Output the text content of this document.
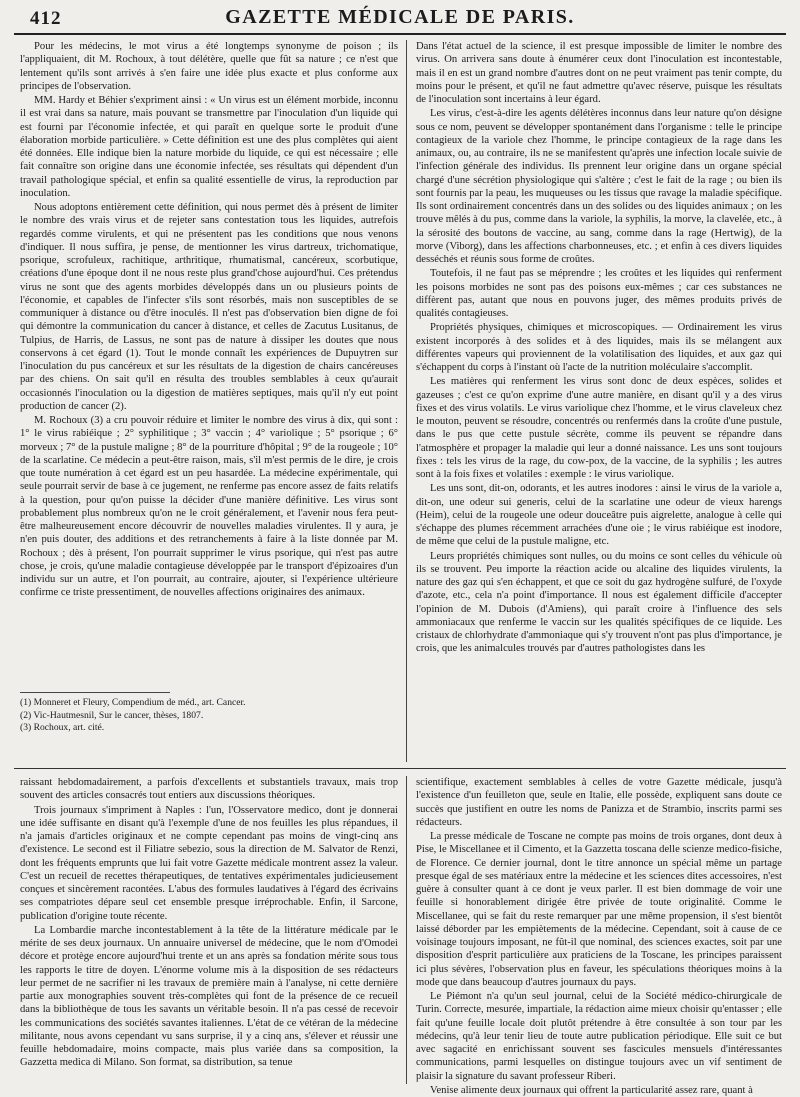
412	GAZETTE MÉDICALE DE PARIS.

Pour les médecins, le mot virus a été longtemps synonyme de poison ; ils l'appliquaient, dit M. Rochoux, à tout délétère, quelle que fût sa nature ; ce n'est que lentement qu'ils sont arrivés à s'en faire une idée plus exacte et plus conforme aux principes de l'observation.

MM. Hardy et Béhier s'expriment ainsi : « Un virus est un élément morbide, inconnu il est vrai dans sa nature, mais pouvant se transmettre par l'inoculation d'un liquide qui est fourni par l'économie infectée, et qui paraît en quelque sorte le produit d'une élaboration morbide particulière. » Cette définition est une des plus complètes qui aient été données. Elle indique bien la nature morbide du liquide, ce qui est nécessaire ; elle fait connaître son origine dans une économie infectée, ses résultats qui dépendent d'un travail pathologique spécial, et enfin sa qualité essentielle de virus, la reproduction par inoculation.

Nous adoptons entièrement cette définition, qui nous permet dès à présent de limiter le nombre des vrais virus et de rejeter sans contestation tous les liquides, autrefois regardés comme virulents, et qui ne présentent pas les conditions que nous venons d'indiquer. Il nous suffira, je pense, de mentionner les virus dartreux, trichomatique, psorique, scrofuleux, rachitique, arthritique, rhumatismal, cancéreux, scorbutique, créations d'une époque dont il ne nous reste plus grand'chose aujourd'hui. Ces prétendus virus ne sont que des agents morbides développés dans un ou plusieurs points de l'économie, et capables de l'infecter s'ils sont résorbés, mais non susceptibles de se communiquer à distance ou d'être inoculés. Il n'est pas d'observation bien digne de foi qui démontre la communication du cancer à distance, et celles de Zacutus Lusitanus, de Tulpius, de Harris, de Lassus, ne sont pas de nature à dissiper les doutes que nous conservons à cet égard (1). Tout le monde connaît les expériences de Dupuytren sur l'inoculation du pus cancéreux et sur les résultats de la digestion de chairs cancéreuses par des chiens. On sait qu'il en résulta des troubles semblables à ceux qu'aurait occasionnés l'inoculation ou la digestion de matières septiques, mais qu'il n'y eut point production de cancer (2).

M. Rochoux (3) a cru pouvoir réduire et limiter le nombre des virus à dix, qui sont : 1° le virus rabiéique ; 2° syphilitique ; 3° vaccin ; 4° variolique ; 5° psorique ; 6° morveux ; 7° de la pustule maligne ; 8° de la pourriture d'hôpital ; 9° de la rougeole ; 10° de la scarlatine. Ce médecin a peut-être raison, mais, s'il m'est permis de le dire, je crois que toute numération à cet égard est un peu hasardée. La médecine expérimentale, qui seule pourrait servir de base à ce jugement, ne renferme pas encore assez de faits relatifs à la question, pour qu'on puisse la décider d'une manière définitive. Les virus sont probablement plus nombreux qu'on ne le croit généralement, et l'avenir nous fera peut-être malheureusement encore découvrir de nouvelles maladies virulentes. Il y aura, je n'en puis douter, des additions et des retranchements à faire à la liste donnée par M. Rochoux ; dès à présent, l'on pourrait supprimer le virus psorique, qui n'est pas autre chose, je crois, qu'une maladie contagieuse développée par le transport d'épizoaires d'un individu sur un autre, et l'on pourrait, au contraire, ajouter, si l'expérience ultérieure confirme ce triste pressentiment, de nouvelles affections originaires des animaux.

(1) Monneret et Fleury, Compendium de méd., art. Cancer.
(2) Vic-Hautmesnil, Sur le cancer, thèses, 1807.
(3) Rochoux, art. cité.

Dans l'état actuel de la science, il est presque impossible de limiter le nombre des virus. On arrivera sans doute à énumérer ceux dont l'inoculation est incontestable, mais il en est un grand nombre d'autres dont on ne peut vraiment pas tenir compte, du moins pour le présent, et qu'il ne faut admettre qu'avec réserve, puisque les résultats de l'inoculation sont incertains à leur égard.

Les virus, c'est-à-dire les agents délétères inconnus dans leur nature qu'on désigne sous ce nom, peuvent se développer spontanément dans l'organisme : telle le principe contagieux de la variole chez l'homme, le principe contagieux de la rage dans les animaux, ou, au contraire, ils ne se manifestent qu'après une infection locale suivie de l'infection générale des individus. Ils prennent leur origine dans un organe spécial chargé d'une sécrétion physiologique qui s'altère ; c'est le fait de la rage ; ou bien ils sont fournis par la peau, les muqueuses ou les tissus que ravage la maladie spécifique. Ils sont ordinairement concentrés dans un des solides ou des liquides animaux ; on les trouve mêlés à du pus, comme dans la variole, la syphilis, la morve, la clavelée, etc., à la sérosité des boutons de vaccine, au sang, comme dans la rage (Hertwig), de la morve (Viborg), dans les affections charbonneuses, etc. ; et enfin à ces divers liquides desséchés et réunis sous forme de croûtes.

Toutefois, il ne faut pas se méprendre ; les croûtes et les liquides qui renferment les poisons morbides ne sont pas des poisons eux-mêmes ; car ces substances ne diffèrent pas, autant que nous en pouvons juger, des mêmes produits privés de qualités contagieuses.

Propriétés physiques, chimiques et microscopiques. — Ordinairement les virus existent incorporés à des solides et à des liquides, mais ils se mélangent aux différentes vapeurs qui proviennent de la volatilisation des liquides, et aux gaz qui s'échappent du corps à l'instant où l'acte de la nutrition moléculaire s'accomplit.

Les matières qui renferment les virus sont donc de deux espèces, solides et gazeuses ; c'est ce qu'on exprime d'une autre manière, en disant qu'il y a des virus fixes et des virus volatils. Le virus variolique chez l'homme, et le virus claveleux chez le mouton, peuvent se résoudre, concentrés ou renfermés dans la croûte d'une pustule, dans le pus que cette pustule sécrète, comme ils peuvent se répandre dans l'atmosphère et propager la maladie qui leur a donné naissance. Les uns sont toujours fixes : tels les virus de la rage, du cow-pox, de la vaccine, de la syphilis ; les autres sont à la fois fixes et volatiles : exemple : le virus variolique.

Les uns sont, dit-on, odorants, et les autres inodores : ainsi le virus de la variole a, dit-on, une odeur sui generis, celui de la scarlatine une odeur de vieux harengs (Heim), celui de la rougeole une odeur douceâtre puis aigrelette, analogue à celle qui s'échappe des plumes récemment arrachées d'une oie ; le virus rabiéique est inodore, de même que celui de la pustule maligne, etc.

Leurs propriétés chimiques sont nulles, ou du moins ce sont celles du véhicule où ils se trouvent. Peu importe la réaction acide ou alcaline des liquides virulents, la nature des gaz qui s'en échappent, et que ce soit du gaz hydrogène sulfuré, de l'oxyde d'azote, etc., cela n'a point d'importance. Il nous est également difficile d'accepter l'opinion de M. Dubois (d'Amiens), qui paraît croire à l'influence des sels ammoniacaux que renferme le vaccin sur les qualités spécifiques de ce liquide. Les cristaux de chlorhydrate d'ammoniaque qui s'y trouvent n'ont pas plus d'importance, je crois, que les animalcules trouvés par d'autres pathologistes dans les

raissant hebdomadairement, a parfois d'excellents et substantiels travaux, mais trop souvent des articles consacrés tout entiers aux discussions théoriques.

Trois journaux s'impriment à Naples : l'un, l'Osservatore medico, dont je donnerai une idée suffisante en disant qu'à l'exemple d'une de nos feuilles les plus répandues, il n'a jamais d'articles originaux et ne compte cependant pas moins de vingt-cinq ans d'existence. Le second est il Filiatre sebezio, sous la direction de M. Salvator de Renzi, dont les fréquents emprunts que lui fait votre Gazette médicale montrent assez la valeur. C'est un recueil de recettes thérapeutiques, de tentatives expérimentales judicieusement conçues et sincèrement racontées. L'abus des formules laudatives à l'égard des écrivains ses compatriotes dépare seul cet ensemble presque irréprochable. Enfin, il Sarcone, publication d'origine toute récente.

La Lombardie marche incontestablement à la tête de la littérature médicale par le mérite de ses deux journaux. Un annuaire universel de médecine, que le nom d'Omodei décore et protège encore aujourd'hui trente et un ans après sa fondation mérite sous tous les rapports le titre de doyen. L'énorme volume mis à la disposition de ses rédacteurs leur permet de ne sacrifier ni les travaux de première main à l'analyse, ni cette dernière partie aux monographies souvent très-complètes qui font de la présence de ce recueil dans la bibliothèque de tous les savants un véritable besoin. Il n'a pas cessé de recevoir les communications des sociétés savantes italiennes. L'état de ce vétéran de la médecine militante, nous avons cependant vu sans surprise, il y a cinq ans, s'élever et réussir une feuille hebdomadaire, moins compacte, mais plus variée dans sa composition, la Gazzetta medica di Milano. Son format, sa distribution, sa tenue

scientifique, exactement semblables à celles de votre Gazette médicale, jusqu'à l'existence d'un feuilleton que, seule en Italie, elle possède, expliquent sans doute ce succès que justifient en outre les noms de Panizza et de Strambio, inscrits parmi ses rédacteurs.

La presse médicale de Toscane ne compte pas moins de trois organes, dont deux à Pise, le Miscellanee et il Cimento, et la Gazzetta toscana delle scienze medico-fisiche, de Florence. Ce dernier journal, dont le titre annonce un spécial même un partage presque égal de ses matériaux entre la médecine et les sciences dites accessoires, n'est guère à consulter quant à ce dont je veux parler. Il est bien dommage de voir une feuille si honorablement dirigée être privée de toute originalité. Comme le Miscellanee, qui se fait du reste remarquer par une même propension, il s'est bientôt laissé déborder par les empiètements de la médecine. Cependant, soit à cause de ce voisinage toujours imposant, ne fût-il que nominal, des sciences exactes, soit par une disposition d'esprit particulière aux praticiens de la Toscane, les principes paraissent ici plus sévères, l'observation plus en faveur, les spéculations théoriques moins à la mode que dans beaucoup d'autres journaux du pays.

Le Piémont n'a qu'un seul journal, celui de la Société médico-chirurgicale de Turin. Correcte, mesurée, impartiale, la rédaction aime mieux choisir qu'entasser ; elle fait qu'une feuille locale doit plutôt prétendre à être consultée à son tour par les médecins, qu'à leur tenir lieu de toute autre publication périodique. Elle suit ce but avec sagacité en enrichissant souvent ses fascicules mensuels d'intéressantes communications, parmi lesquelles on distingue toujours avec un vif sentiment de plaisir la signature du savant professeur Riberi.

Venise alimente deux journaux qui offrent la particularité assez rare, quant à
